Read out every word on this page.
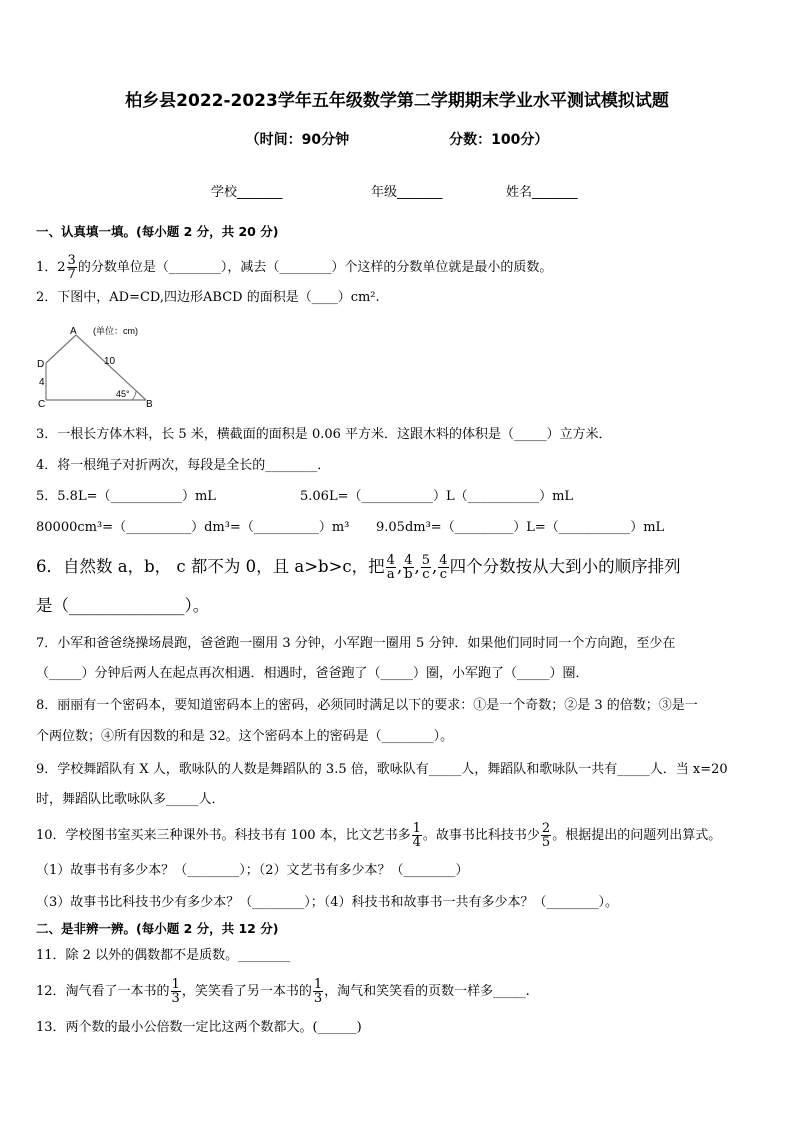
柏乡县2022-2023学年五年级数学第二学期期末学业水平测试模拟试题
（时间：90分钟	分数：100分）
学校_______	年级_______	姓名_______
一、认真填一填。(每小题 2 分，共 20 分)
1．$2 \frac{3}{7}$ 的分数单位是（________），减去（________）个这样的分数单位就是最小的质数。
2．下图中，AD=CD,四边形ABCD 的面积是（____）cm².
A
D
C	B
(单位：cm)
10
4
45°
3．一根长方体木料，长 5 米，横截面的面积是 0.06 平方米．这跟木料的体积是（_____）立方米．
4．将一根绳子对折两次，每段是全长的________．
5．5.8L=（___________）mL	5.06L=（___________）L（___________）mL
80000cm³=（__________）dm³=（__________）m³ 9.05dm³=（_________）L=（___________）mL
6．自然数 a，b， c 都不为 0，且 a>b>c，把 $\frac{4}{a}$ , $\frac{4}{b}$ , $\frac{5}{c}$ , $\frac{4}{c}$ 四个分数按从大到小的顺序排列
是（______________）。
7．小军和爸爸绕操场晨跑，爸爸跑一圈用 3 分钟，小军跑一圈用 5 分钟．如果他们同时同一个方向跑，至少在
（_____）分钟后两人在起点再次相遇．相遇时，爸爸跑了（_____）圈，小军跑了（_____）圈．
8．丽丽有一个密码本，要知道密码本上的密码，必须同时满足以下的要求：①是一个奇数；②是 3 的倍数；③是一
个两位数；④所有因数的和是 32。这个密码本上的密码是（________）。
9．学校舞蹈队有 X 人，歌咏队的人数是舞蹈队的 3.5 倍，歌咏队有_____人，舞蹈队和歌咏队一共有_____人．当 x=20
时，舞蹈队比歌咏队多_____人．
10．学校图书室买来三种课外书。科技书有 100 本，比文艺书多 $\frac{1}{4}$ 。故事书比科技书少 $\frac{2}{5}$ 。根据提出的问题列出算式。
（1）故事书有多少本？（________）；（2）文艺书有多少本？（________）
（3）故事书比科技书少有多少本？（________）；（4）科技书和故事书一共有多少本？（________）。
二、是非辨一辨。(每小题 2 分，共 12 分)
11．除 2 以外的偶数都不是质数。________
12．淘气看了一本书的 $\frac{1}{3}$ ，笑笑看了另一本书的 $\frac{1}{3}$ ，淘气和笑笑看的页数一样多_____.
13．两个数的最小公倍数一定比这两个数都大。(______)
